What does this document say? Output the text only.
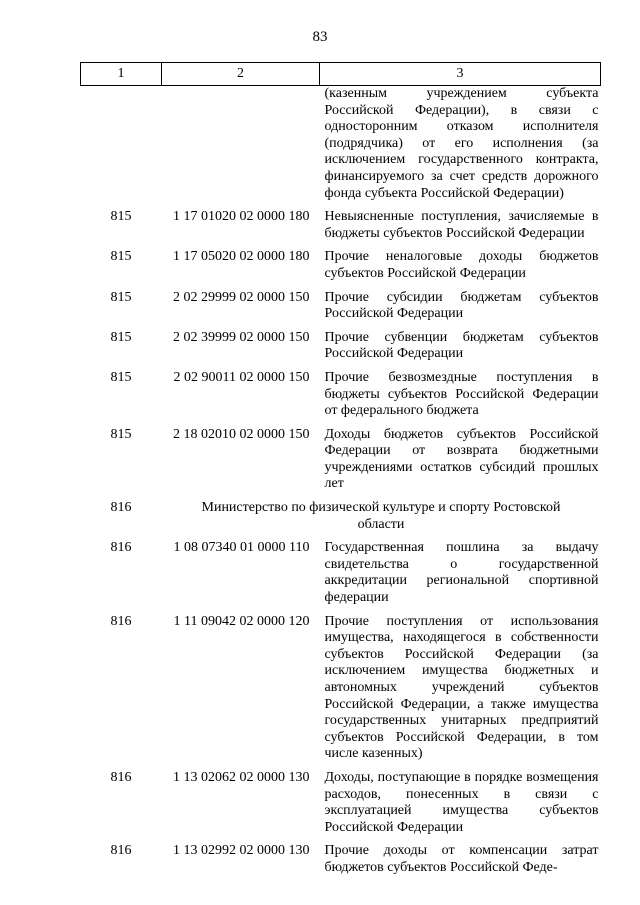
83
1	2	3
		(казенным учреждением субъекта Российской Федерации), в связи с односторонним отказом исполнителя (подрядчика) от его исполнения (за исключением государственного контракта, финансируемого за счет средств дорожного фонда субъекта Российской Федерации)
815	1 17 01020 02 0000 180	Невыясненные поступления, зачисляемые в бюджеты субъектов Российской Федерации
815	1 17 05020 02 0000 180	Прочие неналоговые доходы бюджетов субъектов Российской Федерации
815	2 02 29999 02 0000 150	Прочие субсидии бюджетам субъектов Российской Федерации
815	2 02 39999 02 0000 150	Прочие субвенции бюджетам субъектов Российской Федерации
815	2 02 90011 02 0000 150	Прочие безвозмездные поступления в бюджеты субъектов Российской Федерации от федерального бюджета
815	2 18 02010 02 0000 150	Доходы бюджетов субъектов Российской Федерации от возврата бюджетными учреждениями остатков субсидий прошлых лет
816	Министерство по физической культуре и спорту Ростовской области	
816	1 08 07340 01 0000 110	Государственная пошлина за выдачу свидетельства о государственной аккредитации региональной спортивной федерации
816	1 11 09042 02 0000 120	Прочие поступления от использования имущества, находящегося в собственности субъектов Российской Федерации (за исключением имущества бюджетных и автономных учреждений субъектов Российской Федерации, а также имущества государственных унитарных предприятий субъектов Российской Федерации, в том числе казенных)
816	1 13 02062 02 0000 130	Доходы, поступающие в порядке возмещения расходов, понесенных в связи с эксплуатацией имущества субъектов Российской Федерации
816	1 13 02992 02 0000 130	Прочие доходы от компенсации затрат бюджетов субъектов Российской Феде-
